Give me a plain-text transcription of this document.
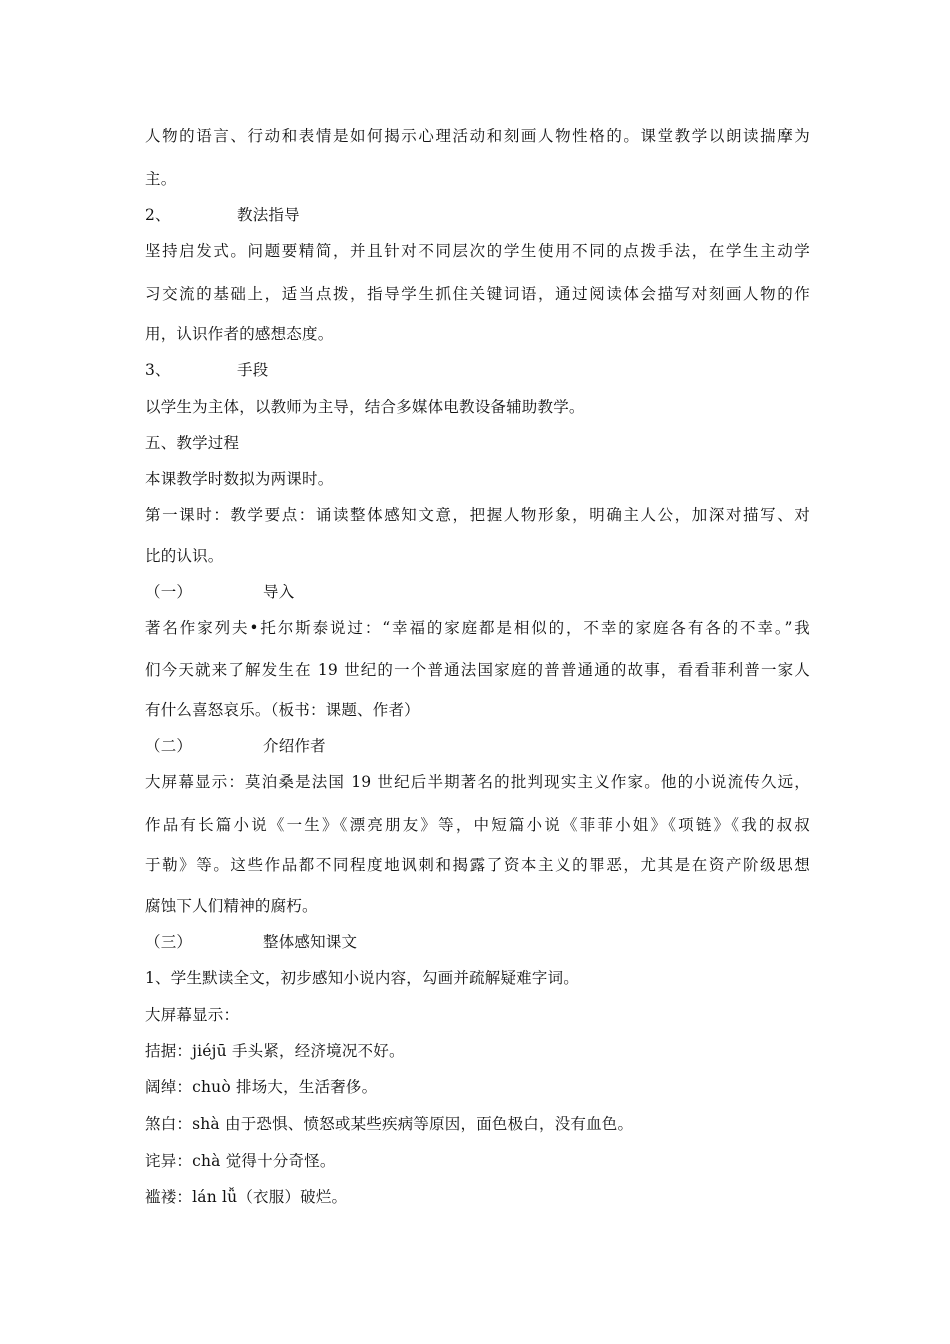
人物的语言、行动和表情是如何揭示心理活动和刻画人物性格的。课堂教学以朗读揣摩为
主。
2、	教法指导
坚持启发式。问题要精简，并且针对不同层次的学生使用不同的点拨手法，在学生主动学
习交流的基础上，适当点拨，指导学生抓住关键词语，通过阅读体会描写对刻画人物的作
用，认识作者的感想态度。
3、	手段
以学生为主体，以教师为主导，结合多媒体电教设备辅助教学。
五、教学过程
本课教学时数拟为两课时。
第一课时：教学要点：诵读整体感知文意，把握人物形象，明确主人公，加深对描写、对
比的认识。
（一）	导入
著名作家列夫•托尔斯泰说过：“幸福的家庭都是相似的，不幸的家庭各有各的不幸。”我
们今天就来了解发生在 19 世纪的一个普通法国家庭的普普通通的故事，看看菲利普一家人
有什么喜怒哀乐。（板书：课题、作者）
（二）	介绍作者
大屏幕显示：莫泊桑是法国 19 世纪后半期著名的批判现实主义作家。他的小说流传久远，
作品有长篇小说《一生》《漂亮朋友》等，中短篇小说《菲菲小姐》《项链》《我的叔叔
于勒》等。这些作品都不同程度地讽刺和揭露了资本主义的罪恶，尤其是在资产阶级思想
腐蚀下人们精神的腐朽。
（三）	整体感知课文
1、学生默读全文，初步感知小说内容，勾画并疏解疑难字词。
大屏幕显示：
拮据：jiéjū 手头紧，经济境况不好。
阔绰：chuò 排场大，生活奢侈。
煞白：shà 由于恐惧、愤怒或某些疾病等原因，面色极白，没有血色。
诧异：chà 觉得十分奇怪。
褴褛：lán lǚ（衣服）破烂。
